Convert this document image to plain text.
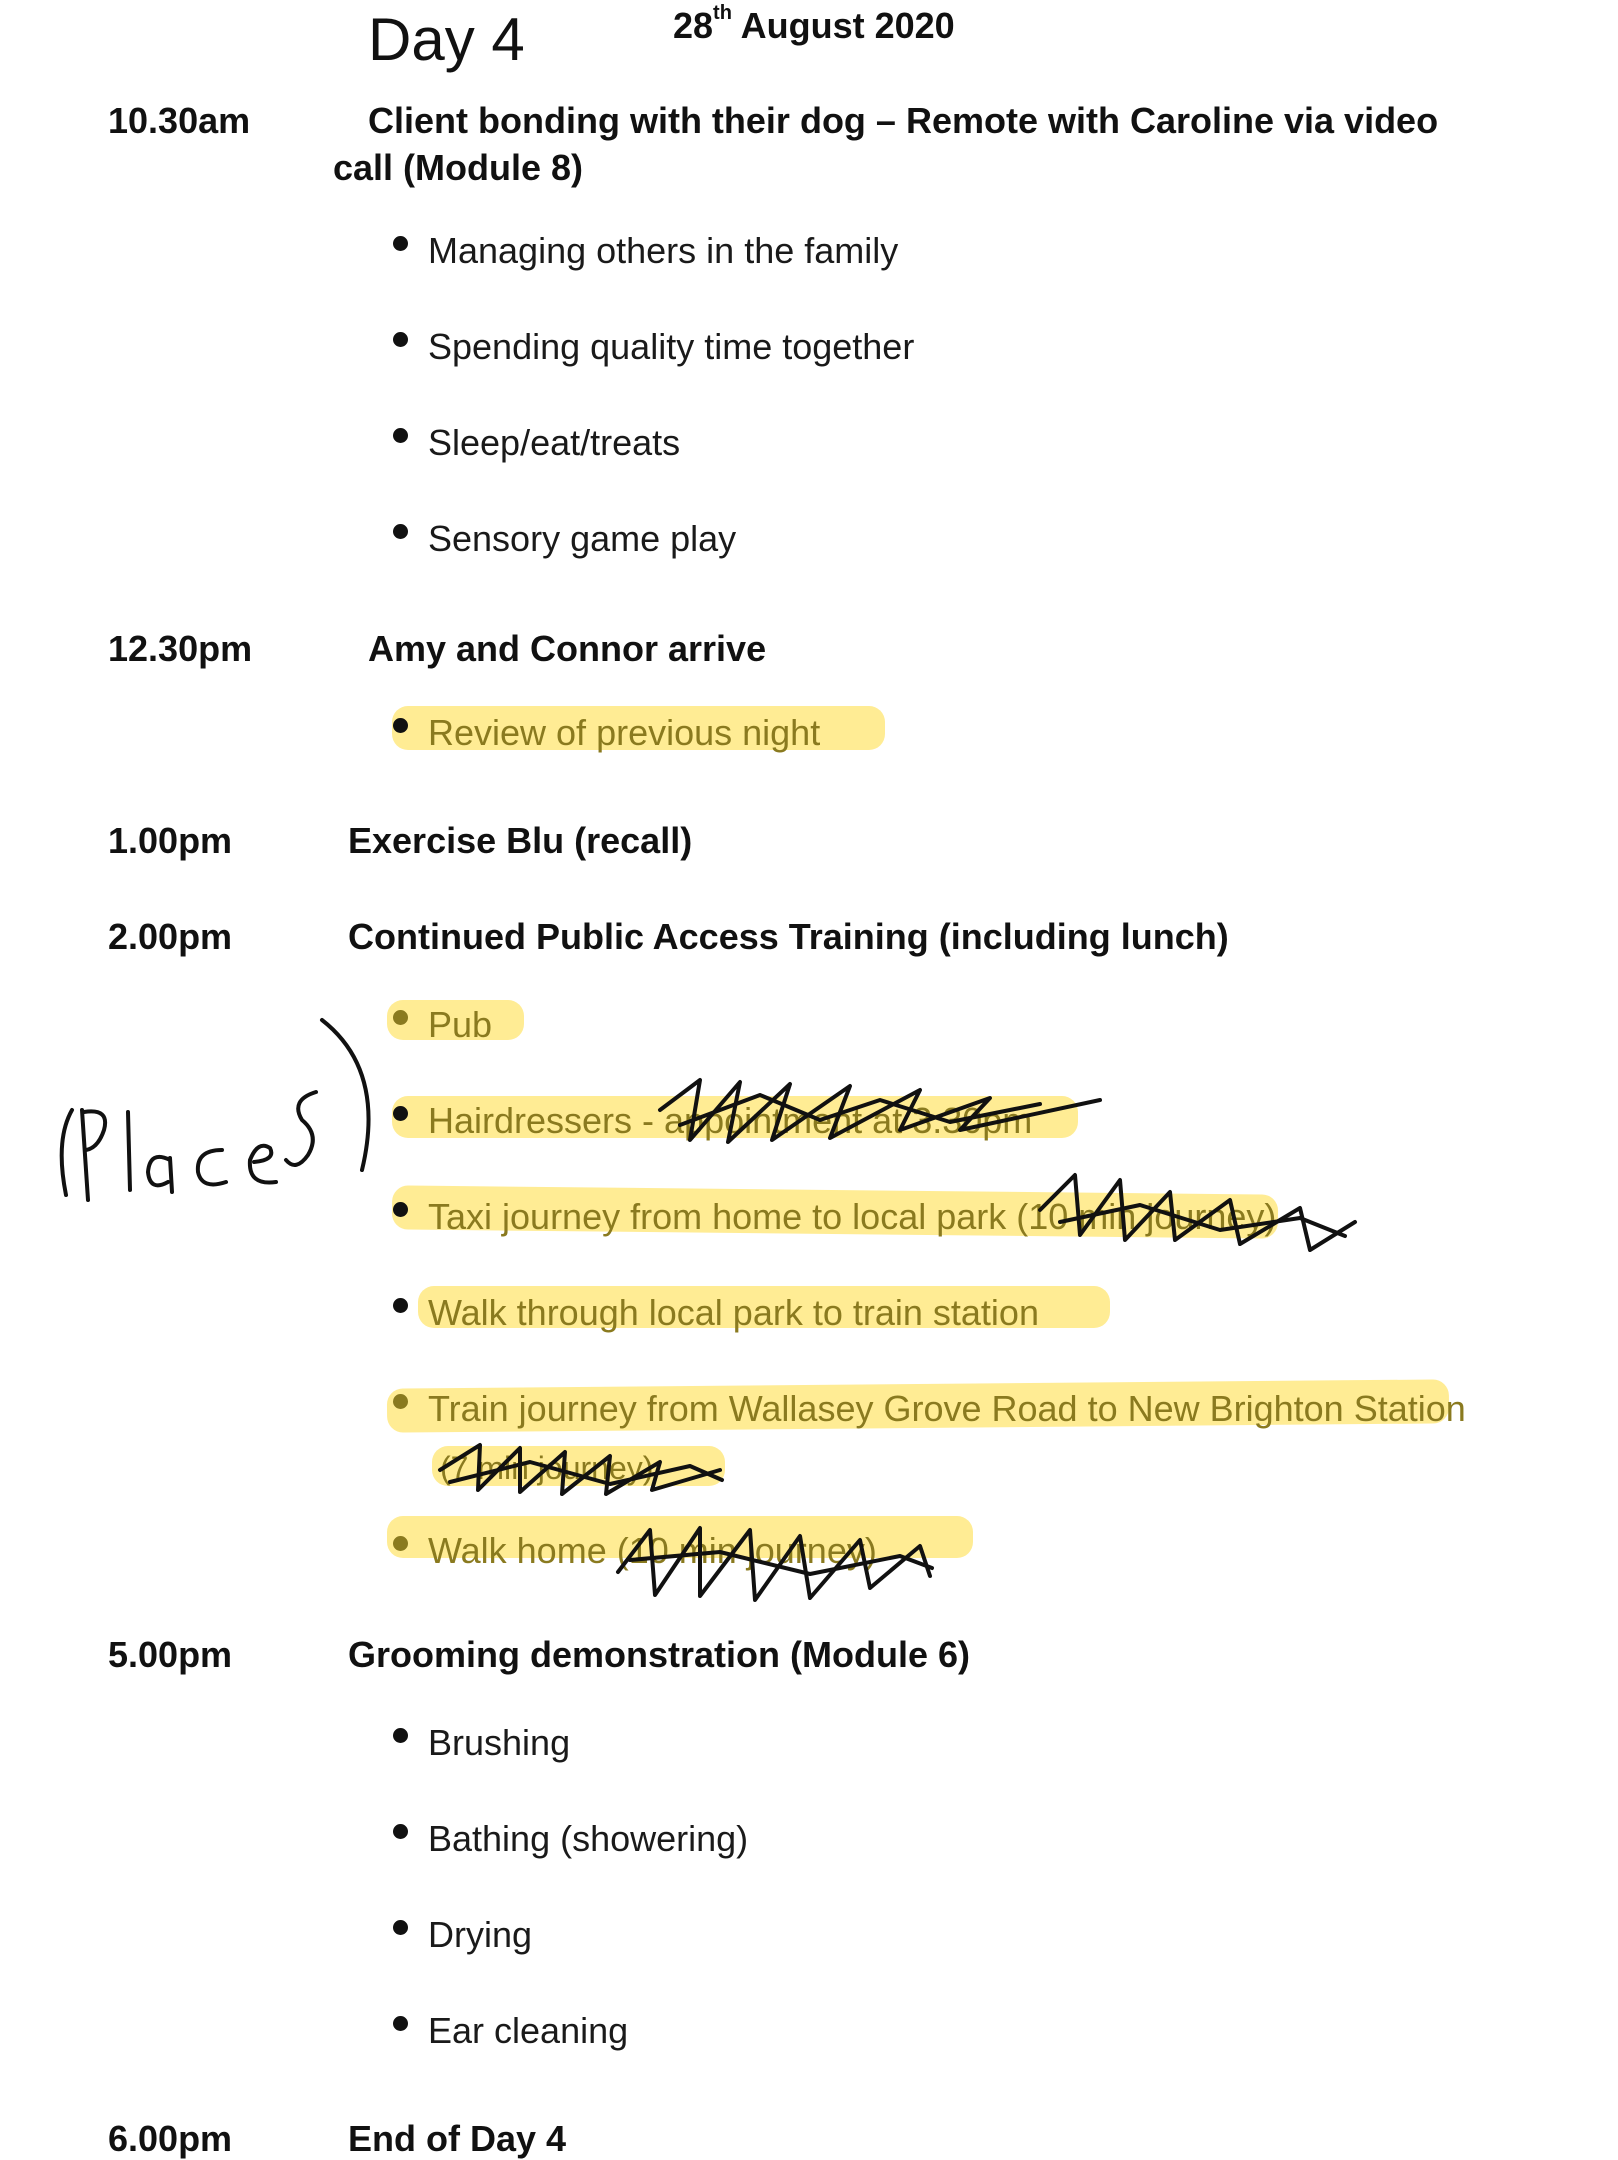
Day 4	28th August 2020
10.30am	Client bonding with their dog – Remote with Caroline via video
call (Module 8)
Managing others in the family
Spending quality time together
Sleep/eat/treats
Sensory game play
12.30pm	Amy and Connor arrive
Review of previous night
1.00pm	Exercise Blu (recall)
2.00pm	Continued Public Access Training (including lunch)
Pub
Hairdressers - appointment at 3.30pm
Taxi journey from home to local park (10 min journey)
Walk through local park to train station
Train journey from Wallasey Grove Road to New Brighton Station
(7 min journey)
Walk home (10 min journey)
5.00pm	Grooming demonstration (Module 6)
Brushing
Bathing (showering)
Drying
Ear cleaning
6.00pm	End of Day 4
